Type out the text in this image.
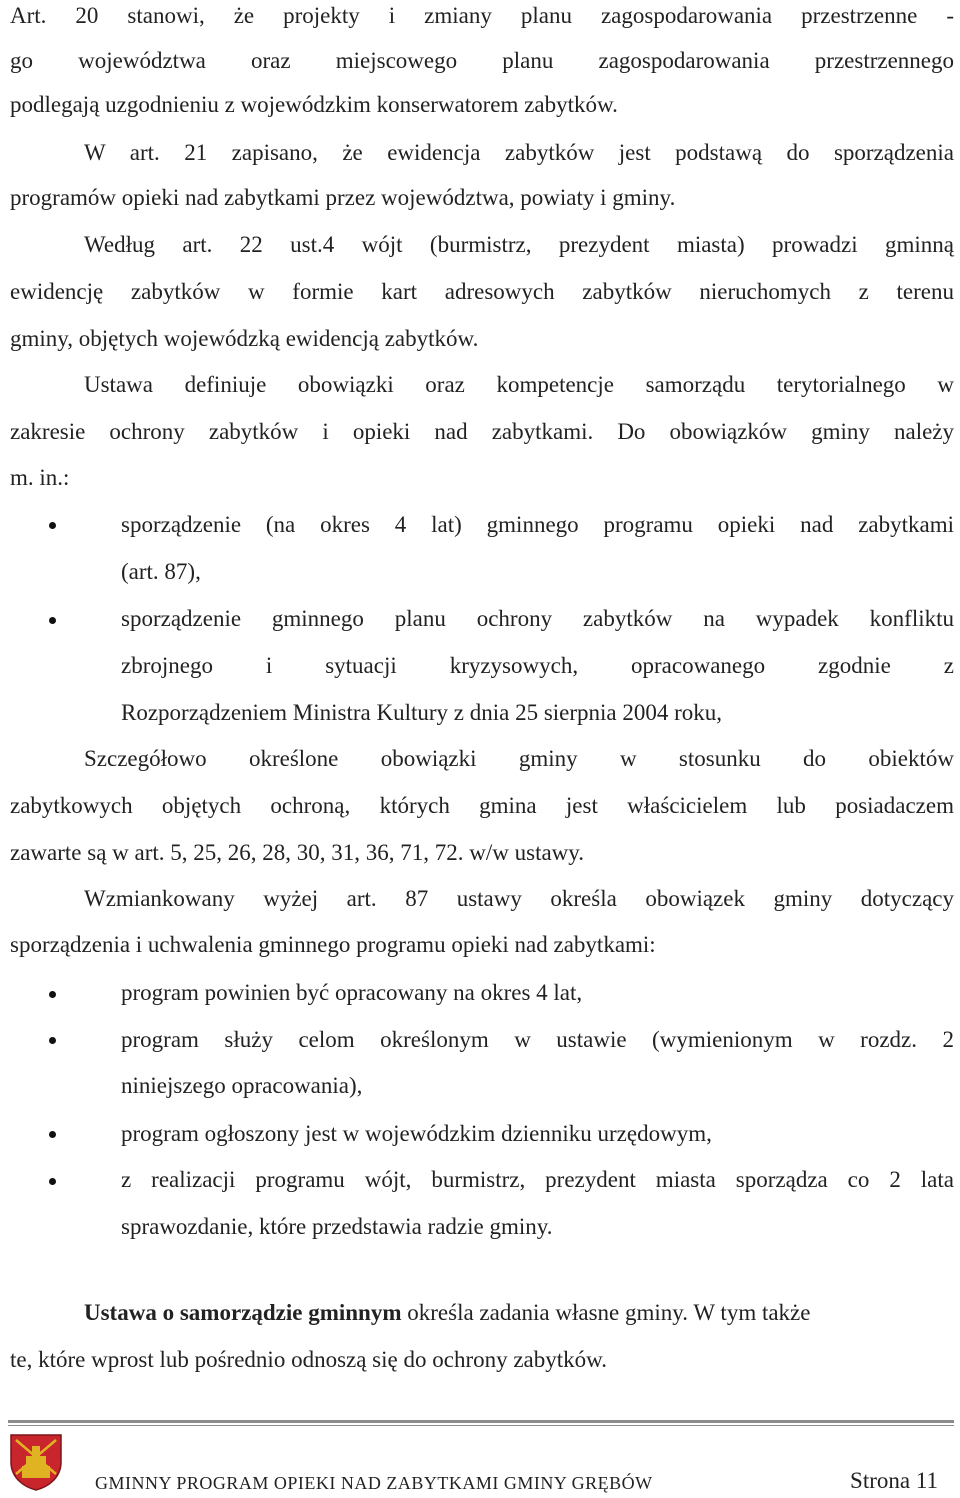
Art. 20 stanowi, że projekty i zmiany planu zagospodarowania przestrzenne -
go województwa oraz miejscowego planu zagospodarowania przestrzennego
podlegają uzgodnieniu z wojewódzkim konserwatorem zabytków.
W art. 21 zapisano, że ewidencja zabytków jest podstawą do sporządzenia
programów opieki nad zabytkami przez województwa, powiaty i gminy.
Według art. 22 ust.4 wójt (burmistrz, prezydent miasta) prowadzi gminną
ewidencję zabytków w formie kart adresowych zabytków nieruchomych z terenu
gminy, objętych wojewódzką ewidencją zabytków.
Ustawa definiuje obowiązki oraz kompetencje samorządu terytorialnego w
zakresie ochrony zabytków i opieki nad zabytkami. Do obowiązków gminy należy
m. in.:
sporządzenie (na okres 4 lat) gminnego programu opieki nad zabytkami
(art. 87),
sporządzenie gminnego planu ochrony zabytków na wypadek konfliktu
zbrojnego i sytuacji kryzysowych, opracowanego zgodnie z
Rozporządzeniem Ministra Kultury z dnia 25 sierpnia 2004 roku,
Szczegółowo określone obowiązki gminy w stosunku do obiektów
zabytkowych objętych ochroną, których gmina jest właścicielem lub posiadaczem
zawarte są w art. 5, 25, 26, 28, 30, 31, 36, 71, 72. w/w ustawy.
Wzmiankowany wyżej art. 87 ustawy określa obowiązek gminy dotyczący
sporządzenia i uchwalenia gminnego programu opieki nad zabytkami:
program powinien być opracowany na okres 4 lat,
program służy celom określonym w ustawie (wymienionym w rozdz. 2
niniejszego opracowania),
program ogłoszony jest w wojewódzkim dzienniku urzędowym,
z realizacji programu wójt, burmistrz, prezydent miasta sporządza co 2 lata
sprawozdanie, które przedstawia radzie gminy.
Ustawa o samorządzie gminnym określa zadania własne gminy. W tym także
te, które wprost lub pośrednio odnoszą się do ochrony zabytków.
GMINNY PROGRAM OPIEKI NAD ZABYTKAMI GMINY GRĘBÓW	Strona 11
